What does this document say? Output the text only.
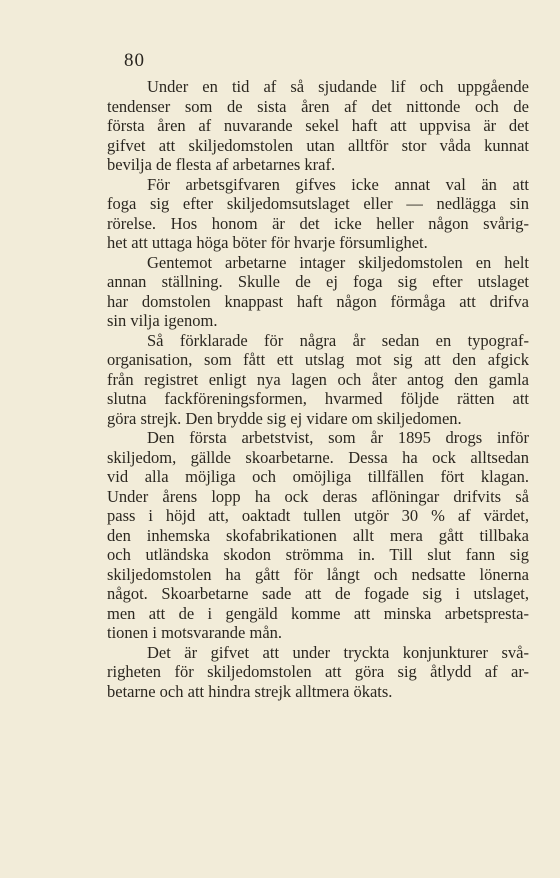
80
Under en tid af så sjudande lif och uppgående
tendenser som de sista åren af det nittonde och de
första åren af nuvarande sekel haft att uppvisa är det
gifvet att skiljedomstolen utan alltför stor våda kunnat
bevilja de flesta af arbetarnes kraf.
För arbetsgifvaren gifves icke annat val än att
foga sig efter skiljedomsutslaget eller — nedlägga sin
rörelse. Hos honom är det icke heller någon svårig-
het att uttaga höga böter för hvarje försumlighet.
Gentemot arbetarne intager skiljedomstolen en helt
annan ställning. Skulle de ej foga sig efter utslaget
har domstolen knappast haft någon förmåga att drifva
sin vilja igenom.
Så förklarade för några år sedan en typograf-
organisation, som fått ett utslag mot sig att den afgick
från registret enligt nya lagen och åter antog den gamla
slutna fackföreningsformen, hvarmed följde rätten att
göra strejk. Den brydde sig ej vidare om skiljedomen.
Den första arbetstvist, som år 1895 drogs inför
skiljedom, gällde skoarbetarne. Dessa ha ock alltsedan
vid alla möjliga och omöjliga tillfällen fört klagan.
Under årens lopp ha ock deras aflöningar drifvits så
pass i höjd att, oaktadt tullen utgör 30 % af värdet,
den inhemska skofabrikationen allt mera gått tillbaka
och utländska skodon strömma in. Till slut fann sig
skiljedomstolen ha gått för långt och nedsatte lönerna
något. Skoarbetarne sade att de fogade sig i utslaget,
men att de i gengäld komme att minska arbetspresta-
tionen i motsvarande mån.
Det är gifvet att under tryckta konjunkturer svå-
righeten för skiljedomstolen att göra sig åtlydd af ar-
betarne och att hindra strejk alltmera ökats.
